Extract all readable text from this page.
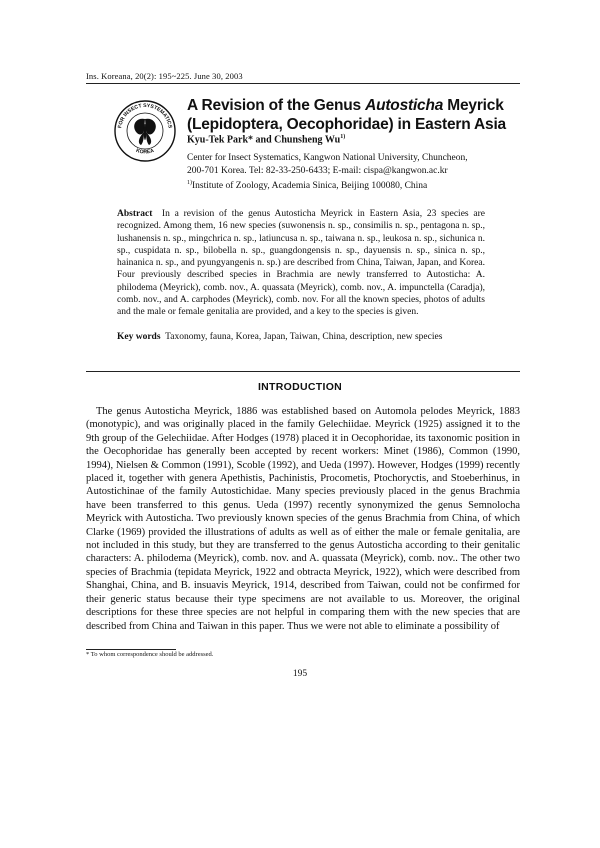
Ins. Koreana, 20(2): 195~225. June 30, 2003
FOR INSECT SYSTEMATICS
KOREA
A Revision of the Genus Autosticha Meyrick
(Lepidoptera, Oecophoridae) in Eastern Asia
Kyu-Tek Park* and Chunsheng Wu$^{1)}$
Center for Insect Systematics, Kangwon National University, Chuncheon,
200-701 Korea. Tel: 82-33-250-6433; E-mail: cispa@kangwon.ac.kr
$^{1)}$Institute of Zoology, Academia Sinica, Beijing 100080, China
Abstract In a revision of the genus Autosticha Meyrick in Eastern Asia, 23 species are recognized. Among them, 16 new species (suwonensis n. sp., consimilis n. sp., pentagona n. sp., lushanensis n. sp., mingchrica n. sp., latiuncusa n. sp., taiwana n. sp., leukosa n. sp., sichunica n. sp., cuspidata n. sp., bilobella n. sp., guangdongensis n. sp., dayuensis n. sp., sinica n. sp., hainanica n. sp., and pyungyangenis n. sp.) are described from China, Taiwan, Japan, and Korea. Four previously described species in Brachmia are newly transferred to Autosticha: A. philodema (Meyrick), comb. nov., A. quassata (Meyrick), comb. nov., A. impunctella (Caradja), comb. nov., and A. carphodes (Meyrick), comb. nov. For all the known species, photos of adults and the male or female genitalia are provided, and a key to the species is given.
Key words Taxonomy, fauna, Korea, Japan, Taiwan, China, description, new species
INTRODUCTION
The genus Autosticha Meyrick, 1886 was established based on Automola pelodes Meyrick, 1883 (monotypic), and was originally placed in the family Gelechiidae. Meyrick (1925) assigned it to the 9th group of the Gelechiidae. After Hodges (1978) placed it in Oecophoridae, its taxonomic position in the Oecophoridae has generally been accepted by recent workers: Minet (1986), Common (1990, 1994), Nielsen & Common (1991), Scoble (1992), and Ueda (1997). However, Hodges (1999) recently placed it, together with genera Apethistis, Pachinistis, Procometis, Ptochoryctis, and Stoeberhinus, in Autostichinae of the family Autostichidae. Many species previously placed in the genus Brachmia have been transferred to this genus. Ueda (1997) recently synonymized the genus Semnolocha Meyrick with Autosticha. Two previously known species of the genus Brachmia from China, of which Clarke (1969) provided the illustrations of adults as well as of either the male or female genitalia, are not included in this study, but they are transferred to the genus Autosticha according to their genitalic characters: A. philodema (Meyrick), comb. nov. and A. quassata (Meyrick), comb. nov.. The other two species of Brachmia (tepidata Meyrick, 1922 and obtracta Meyrick, 1922), which were described from Shanghai, China, and B. insuavis Meyrick, 1914, described from Taiwan, could not be confirmed for their generic status because their type specimens are not available to us. Moreover, the original descriptions for these three species are not helpful in comparing them with the new species that are described from China and Taiwan in this paper. Thus we were not able to eliminate a possibility of
* To whom correspondence should be addressed.
195
